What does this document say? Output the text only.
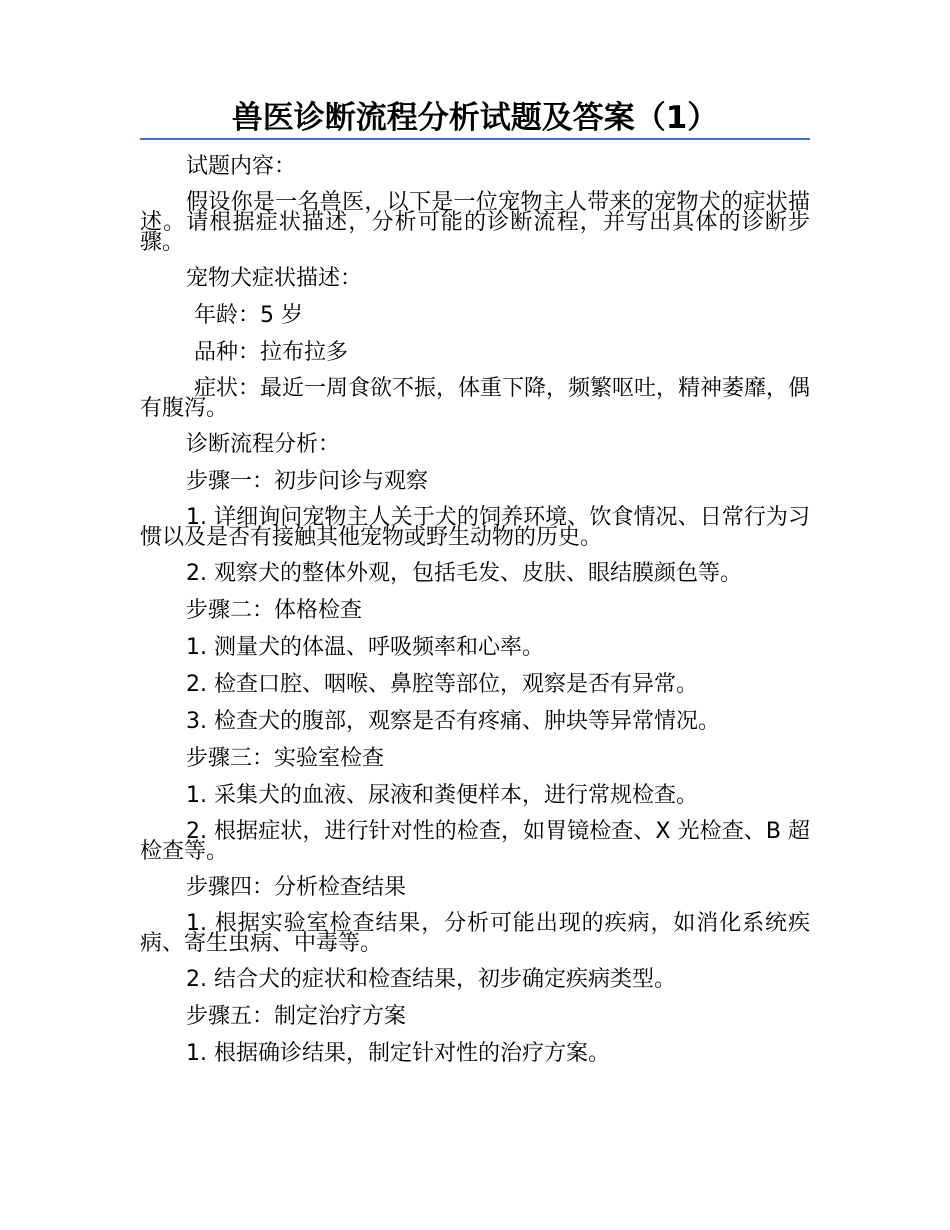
兽医诊断流程分析试题及答案（1）

试题内容：

假设你是一名兽医，以下是一位宠物主人带来的宠物犬的症状描述。请根据症状描述，分析可能的诊断流程，并写出具体的诊断步骤。

宠物犬症状描述：

年龄：5 岁

品种：拉布拉多

症状：最近一周食欲不振，体重下降，频繁呕吐，精神萎靡，偶有腹泻。

诊断流程分析：

步骤一：初步问诊与观察

1. 详细询问宠物主人关于犬的饲养环境、饮食情况、日常行为习惯以及是否有接触其他宠物或野生动物的历史。

2. 观察犬的整体外观，包括毛发、皮肤、眼结膜颜色等。

步骤二：体格检查

1. 测量犬的体温、呼吸频率和心率。

2. 检查口腔、咽喉、鼻腔等部位，观察是否有异常。

3. 检查犬的腹部，观察是否有疼痛、肿块等异常情况。

步骤三：实验室检查

1. 采集犬的血液、尿液和粪便样本，进行常规检查。

2. 根据症状，进行针对性的检查，如胃镜检查、X 光检查、B 超检查等。

步骤四：分析检查结果

1. 根据实验室检查结果，分析可能出现的疾病，如消化系统疾病、寄生虫病、中毒等。

2. 结合犬的症状和检查结果，初步确定疾病类型。

步骤五：制定治疗方案

1. 根据确诊结果，制定针对性的治疗方案。
